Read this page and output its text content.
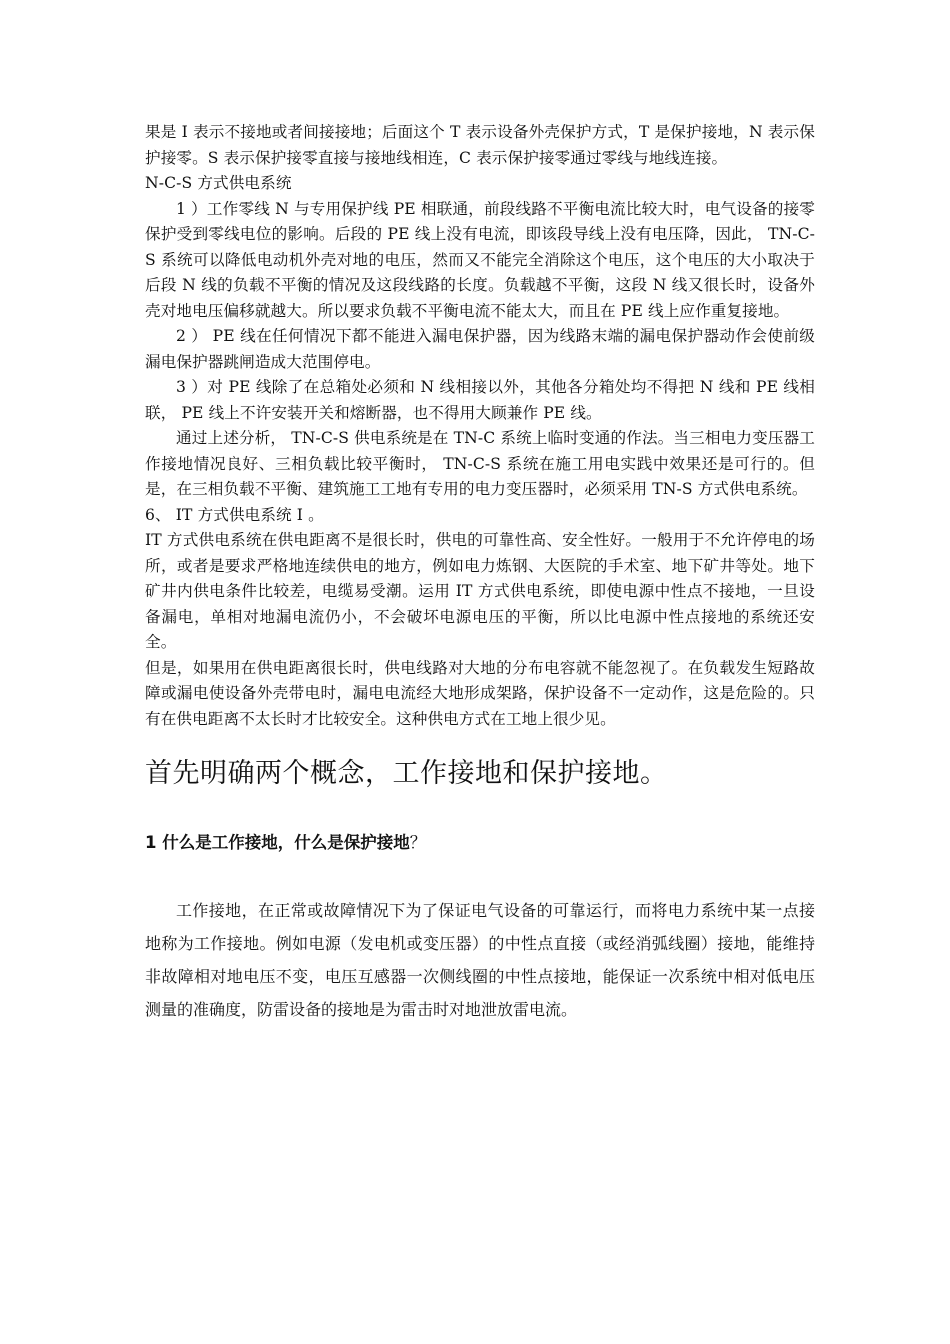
果是 I 表示不接地或者间接接地；后面这个 T 表示设备外壳保护方式，T 是保护接地，N 表示保护接零。S 表示保护接零直接与接地线相连，C 表示保护接零通过零线与地线连接。

N-C-S 方式供电系统

1 ）工作零线 N 与专用保护线 PE 相联通，前段线路不平衡电流比较大时，电气设备的接零保护受到零线电位的影响。后段的 PE 线上没有电流，即该段导线上没有电压降，因此， TN-C-S 系统可以降低电动机外壳对地的电压，然而又不能完全消除这个电压，这个电压的大小取决于后段 N 线的负载不平衡的情况及这段线路的长度。负载越不平衡，这段 N 线又很长时，设备外壳对地电压偏移就越大。所以要求负载不平衡电流不能太大，而且在 PE 线上应作重复接地。

2 ） PE 线在任何情况下都不能进入漏电保护器，因为线路末端的漏电保护器动作会使前级漏电保护器跳闸造成大范围停电。

3 ）对 PE 线除了在总箱处必须和 N 线相接以外，其他各分箱处均不得把 N 线和 PE 线相联， PE 线上不许安装开关和熔断器，也不得用大顾兼作 PE 线。

通过上述分析， TN-C-S 供电系统是在 TN-C 系统上临时变通的作法。当三相电力变压器工作接地情况良好、三相负载比较平衡时， TN-C-S 系统在施工用电实践中效果还是可行的。但是，在三相负载不平衡、建筑施工工地有专用的电力变压器时，必须采用 TN-S 方式供电系统。

6、 IT 方式供电系统 I 。

IT 方式供电系统在供电距离不是很长时，供电的可靠性高、安全性好。一般用于不允许停电的场所，或者是要求严格地连续供电的地方，例如电力炼钢、大医院的手术室、地下矿井等处。地下矿井内供电条件比较差，电缆易受潮。运用 IT 方式供电系统，即使电源中性点不接地，一旦设备漏电，单相对地漏电流仍小，不会破坏电源电压的平衡，所以比电源中性点接地的系统还安全。

但是，如果用在供电距离很长时，供电线路对大地的分布电容就不能忽视了。在负载发生短路故障或漏电使设备外壳带电时，漏电电流经大地形成架路，保护设备不一定动作，这是危险的。只有在供电距离不太长时才比较安全。这种供电方式在工地上很少见。

首先明确两个概念，工作接地和保护接地。

1 什么是工作接地，什么是保护接地？

工作接地，在正常或故障情况下为了保证电气设备的可靠运行，而将电力系统中某一点接地称为工作接地。例如电源（发电机或变压器）的中性点直接（或经消弧线圈）接地，能维持非故障相对地电压不变，电压互感器一次侧线圈的中性点接地，能保证一次系统中相对低电压测量的准确度，防雷设备的接地是为雷击时对地泄放雷电流。
